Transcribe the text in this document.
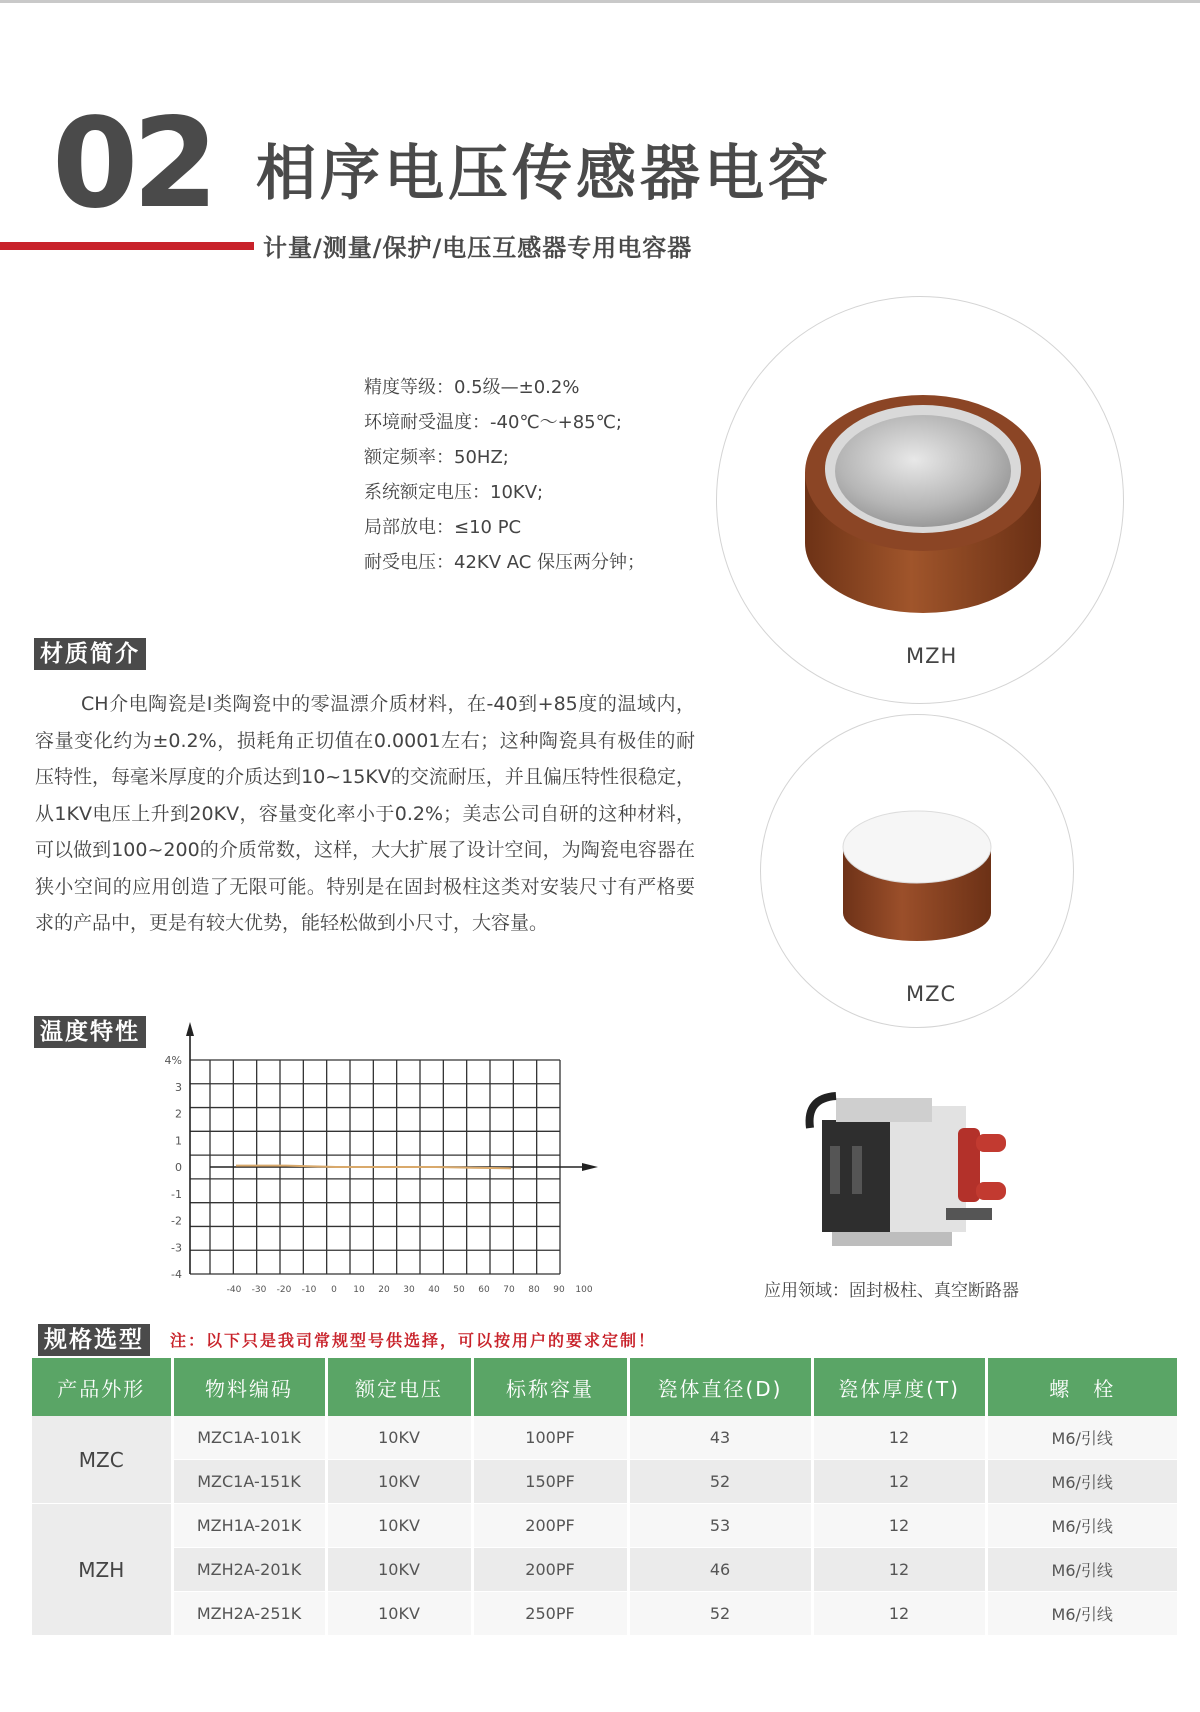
02 相序电压传感器电容
计量/测量/保护/电压互感器专用电容器
精度等级：0.5级—±0.2%
环境耐受温度：-40℃～+85℃;
额定频率：50HZ;
系统额定电压：10KV;
局部放电：≤10 PC
耐受电压：42KV AC 保压两分钟；
MZH
MZC
材质简介
CH介电陶瓷是I类陶瓷中的零温漂介质材料，在-40到+85度的温域内，容量变化约为±0.2%，损耗角正切值在0.0001左右；这种陶瓷具有极佳的耐压特性，每毫米厚度的介质达到10~15KV的交流耐压，并且偏压特性很稳定，从1KV电压上升到20KV，容量变化率小于0.2%；美志公司自研的这种材料，可以做到100~200的介质常数，这样，大大扩展了设计空间，为陶瓷电容器在狭小空间的应用创造了无限可能。特别是在固封极柱这类对安装尺寸有严格要求的产品中，更是有较大优势，能轻松做到小尺寸，大容量。
温度特性
4%
3
2
1
0
-1
-2
-3
-4
-40 -30 -20 -10 0 10 20 30 40 50 60 70 80 90 100	应用领域：固封极柱、真空断路器
规格选型	注：以下只是我司常规型号供选择，可以按用户的要求定制！
产品外形	物料编码	额定电压	标称容量	瓷体直径(D)	瓷体厚度(T)	螺　栓
MZC	MZC1A-101K	10KV	100PF	43	12	M6/引线
	MZC1A-151K	10KV	150PF	52	12	M6/引线
MZH	MZH1A-201K	10KV	200PF	53	12	M6/引线
	MZH2A-201K	10KV	200PF	46	12	M6/引线
	MZH2A-251K	10KV	250PF	52	12	M6/引线
